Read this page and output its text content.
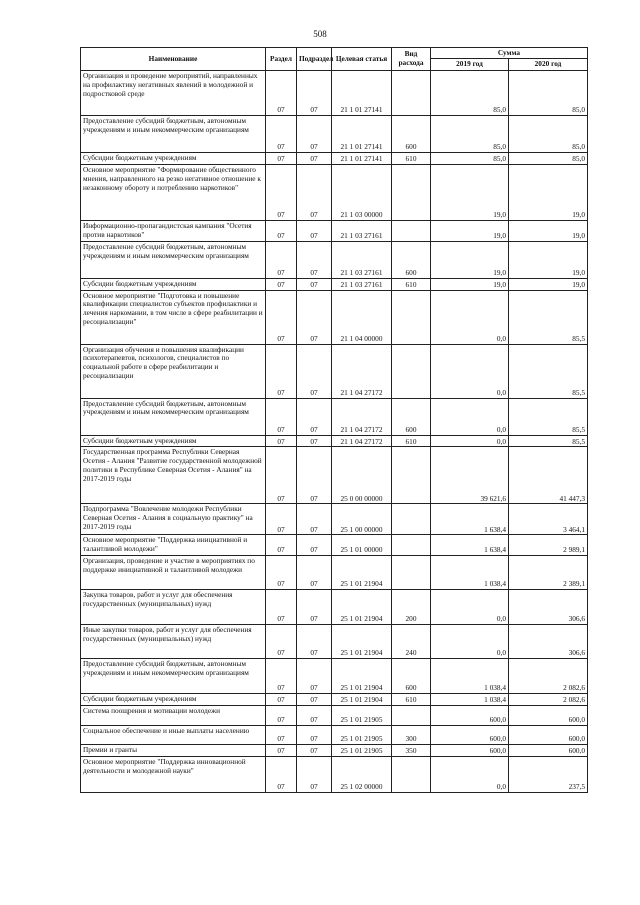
508
Наименование	Раздел	Подраздел	Целевая статья	Вид расхода	Сумма	
					2019 год	2020 год
Организация и проведение мероприятий, направленных на профилактику негативных явлений в молодежной и подростковой среде	07	07	21 1 01 27141		85,0	85,0
Предоставление субсидий бюджетным, автономным учреждениям и иным некоммерческим организациям	07	07	21 1 01 27141	600	85,0	85,0
Субсидии бюджетным учреждениям	07	07	21 1 01 27141	610	85,0	85,0
Основное мероприятие "Формирование общественного мнения, направленного на резко негативное отношение к незаконному обороту и потреблению наркотиков"	07	07	21 1 03 00000		19,0	19,0
Информационно-пропагандистская кампания "Осетия против наркотиков"	07	07	21 1 03 27161		19,0	19,0
Предоставление субсидий бюджетным, автономным учреждениям и иным некоммерческим организациям	07	07	21 1 03 27161	600	19,0	19,0
Субсидии бюджетным учреждениям	07	07	21 1 03 27161	610	19,0	19,0
Основное мероприятие "Подготовка и повышение квалификации специалистов субъектов профилактики и лечения наркомании, в том числе в сфере реабилитации и ресоциализации"	07	07	21 1 04 00000		0,0	85,5
Организация обучения и повышения квалификации психотерапевтов, психологов, специалистов по социальной работе в сфере реабилитации и ресоциализации	07	07	21 1 04 27172		0,0	85,5
Предоставление субсидий бюджетным, автономным учреждениям и иным некоммерческим организациям	07	07	21 1 04 27172	600	0,0	85,5
Субсидии бюджетным учреждениям	07	07	21 1 04 27172	610	0,0	85,5
Государственная программа Республики Северная Осетия - Алания "Развитие государственной молодежной политики в Республике Северная Осетия - Алания" на 2017-2019 годы	07	07	25 0 00 00000		39 621,6	41 447,3
Подпрограмма "Вовлечение молодежи Республики Северная Осетия - Алания в социальную практику" на 2017-2019 годы	07	07	25 1 00 00000		1 638,4	3 464,1
Основное мероприятие "Поддержка инициативной и талантливой молодежи"	07	07	25 1 01 00000		1 638,4	2 989,1
Организация, проведение и участие в мероприятиях по поддержке инициативной и талантливой молодежи	07	07	25 1 01 21904		1 038,4	2 389,1
Закупка товаров, работ и услуг для обеспечения государственных (муниципальных) нужд	07	07	25 1 01 21904	200	0,0	306,6
Иные закупки товаров, работ и услуг для обеспечения государственных (муниципальных) нужд	07	07	25 1 01 21904	240	0,0	306,6
Предоставление субсидий бюджетным, автономным учреждениям и иным некоммерческим организациям	07	07	25 1 01 21904	600	1 038,4	2 082,6
Субсидии бюджетным учреждениям	07	07	25 1 01 21904	610	1 038,4	2 082,6
Система поощрения и мотивации молодежи	07	07	25 1 01 21905		600,0	600,0
Социальное обеспечение и иные выплаты населению	07	07	25 1 01 21905	300	600,0	600,0
Премии и гранты	07	07	25 1 01 21905	350	600,0	600,0
Основное мероприятие "Поддержка инновационной деятельности и молодежной науки"	07	07	25 1 02 00000		0,0	237,5
